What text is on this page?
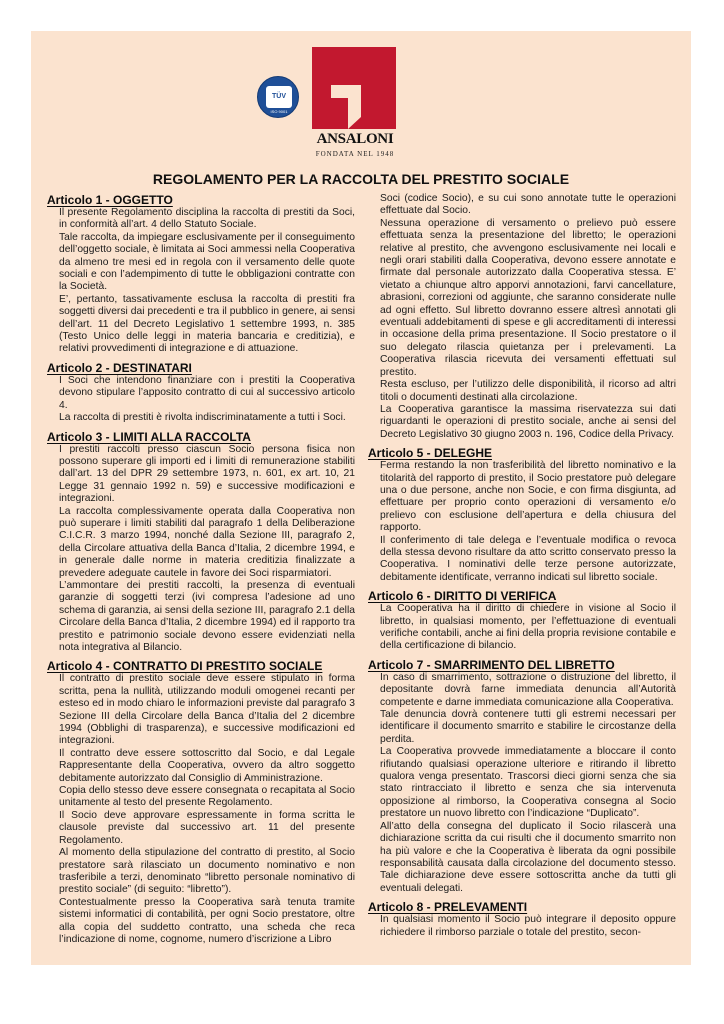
TÜV
ISO 9001
ANSALONI
FONDATA NEL 1948
REGOLAMENTO PER LA RACCOLTA DEL PRESTITO SOCIALE
Articolo 1 - OGGETTO
Il presente Regolamento disciplina la raccolta di prestiti da Soci, in conformità all’art. 4 dello Statuto Sociale.
Tale raccolta, da impiegare esclusivamente per il conseguimento dell’oggetto sociale, è limitata ai Soci ammessi nella Cooperativa da almeno tre mesi ed in regola con il versamento delle quote sociali e con l’adempimento di tutte le obbligazioni contratte con la Società.
E’, pertanto, tassativamente esclusa la raccolta di prestiti fra soggetti diversi dai precedenti e tra il pubblico in genere, ai sensi dell’art. 11 del Decreto Legislativo 1 settembre 1993, n. 385 (Testo Unico delle leggi in materia bancaria e creditizia), e relativi provvedimenti di integrazione e di attuazione.
Articolo 2 - DESTINATARI
I Soci che intendono finanziare con i prestiti la Cooperativa devono stipulare l’apposito contratto di cui al successivo articolo 4.
La raccolta di prestiti è rivolta indiscriminatamente a tutti i Soci.
Articolo 3 - LIMITI ALLA RACCOLTA
I prestiti raccolti presso ciascun Socio persona fisica non possono superare gli importi ed i limiti di remunerazione stabiliti dall’art. 13 del DPR 29 settembre 1973, n. 601, ex art. 10, 21 Legge 31 gennaio 1992 n. 59) e successive modificazioni e integrazioni.
La raccolta complessivamente operata dalla Cooperativa non può superare i limiti stabiliti dal paragrafo 1 della Deliberazione C.I.C.R. 3 marzo 1994, nonché dalla Sezione III, paragrafo 2, della Circolare attuativa della Banca d’Italia, 2 dicembre 1994, e in generale dalle norme in materia creditizia finalizzate a prevedere adeguate cautele in favore dei Soci risparmiatori.
L’ammontare dei prestiti raccolti, la presenza di eventuali garanzie di soggetti terzi (ivi compresa l’adesione ad uno schema di garanzia, ai sensi della sezione III, paragrafo 2.1 della Circolare della Banca d’Italia, 2 dicembre 1994) ed il rapporto tra prestito e patrimonio sociale devono essere evidenziati nella nota integrativa al Bilancio.
Articolo 4 - CONTRATTO DI PRESTITO SOCIALE
Il contratto di prestito sociale deve essere stipulato in forma scritta, pena la nullità, utilizzando moduli omogenei recanti per esteso ed in modo chiaro le informazioni previste dal paragrafo 3 Sezione III della Circolare della Banca d’Italia del 2 dicembre 1994 (Obblighi di trasparenza), e successive modificazioni ed integrazioni.
Il contratto deve essere sottoscritto dal Socio, e dal Legale Rappresentante della Cooperativa, ovvero da altro soggetto debitamente autorizzato dal Consiglio di Amministrazione.
Copia dello stesso deve essere consegnata o recapitata al Socio unitamente al testo del presente Regolamento.
Il Socio deve approvare espressamente in forma scritta le clausole previste dal successivo art. 11 del presente Regolamento.
Al momento della stipulazione del contratto di prestito, al Socio prestatore sarà rilasciato un documento nominativo e non trasferibile a terzi, denominato “libretto personale nominativo di prestito sociale” (di seguito: “libretto”).
Contestualmente presso la Cooperativa sarà tenuta tramite sistemi informatici di contabilità, per ogni Socio prestatore, oltre alla copia del suddetto contratto, una scheda che reca l’indicazione di nome, cognome, numero d’iscrizione a Libro
Soci (codice Socio), e su cui sono annotate tutte le operazioni effettuate dal Socio.
Nessuna operazione di versamento o prelievo può essere effettuata senza la presentazione del libretto; le operazioni relative al prestito, che avvengono esclusivamente nei locali e negli orari stabiliti dalla Cooperativa, devono essere annotate e firmate dal personale autorizzato dalla Cooperativa stessa. E’ vietato a chiunque altro apporvi annotazioni, farvi cancellature, abrasioni, correzioni od aggiunte, che saranno considerate nulle ad ogni effetto. Sul libretto dovranno essere altresì annotati gli eventuali addebitamenti di spese e gli accreditamenti di interessi in occasione della prima presentazione. Il Socio prestatore o il suo delegato rilascia quietanza per i prelevamenti. La Cooperativa rilascia ricevuta dei versamenti effettuati sul prestito.
Resta escluso, per l’utilizzo delle disponibilità, il ricorso ad altri titoli o documenti destinati alla circolazione.
La Cooperativa garantisce la massima riservatezza sui dati riguardanti le operazioni di prestito sociale, anche ai sensi del Decreto Legislativo 30 giugno 2003 n. 196, Codice della Privacy.
Articolo 5 - DELEGHE
Ferma restando la non trasferibilità del libretto nominativo e la titolarità del rapporto di prestito, il Socio prestatore può delegare una o due persone, anche non Socie, e con firma disgiunta, ad effettuare per proprio conto operazioni di versamento e/o prelievo con esclusione dell’apertura e della chiusura del rapporto.
Il conferimento di tale delega e l’eventuale modifica o revoca della stessa devono risultare da atto scritto conservato presso la Cooperativa. I nominativi delle terze persone autorizzate, debitamente identificate, verranno indicati sul libretto sociale.
Articolo 6 - DIRITTO DI VERIFICA
La Cooperativa ha il diritto di chiedere in visione al Socio il libretto, in qualsiasi momento, per l’effettuazione di eventuali verifiche contabili, anche ai fini della propria revisione contabile e della certificazione di bilancio.
Articolo 7 - SMARRIMENTO DEL LIBRETTO
In caso di smarrimento, sottrazione o distruzione del libretto, il depositante dovrà farne immediata denuncia all’Autorità competente e darne immediata comunicazione alla Cooperativa.
Tale denuncia dovrà contenere tutti gli estremi necessari per identificare il documento smarrito e stabilire le circostanze della perdita.
La Cooperativa provvede immediatamente a bloccare il conto rifiutando qualsiasi operazione ulteriore e ritirando il libretto qualora venga presentato. Trascorsi dieci giorni senza che sia stato rintracciato il libretto e senza che sia intervenuta opposizione al rimborso, la Cooperativa consegna al Socio prestatore un nuovo libretto con l’indicazione “Duplicato”.
All’atto della consegna del duplicato il Socio rilascerà una dichiarazione scritta da cui risulti che il documento smarrito non ha più valore e che la Cooperativa è liberata da ogni possibile responsabilità causata dalla circolazione del documento stesso. Tale dichiarazione deve essere sottoscritta anche da tutti gli eventuali delegati.
Articolo 8 - PRELEVAMENTI
In qualsiasi momento il Socio può integrare il deposito oppure richiedere il rimborso parziale o totale del prestito, secon-
